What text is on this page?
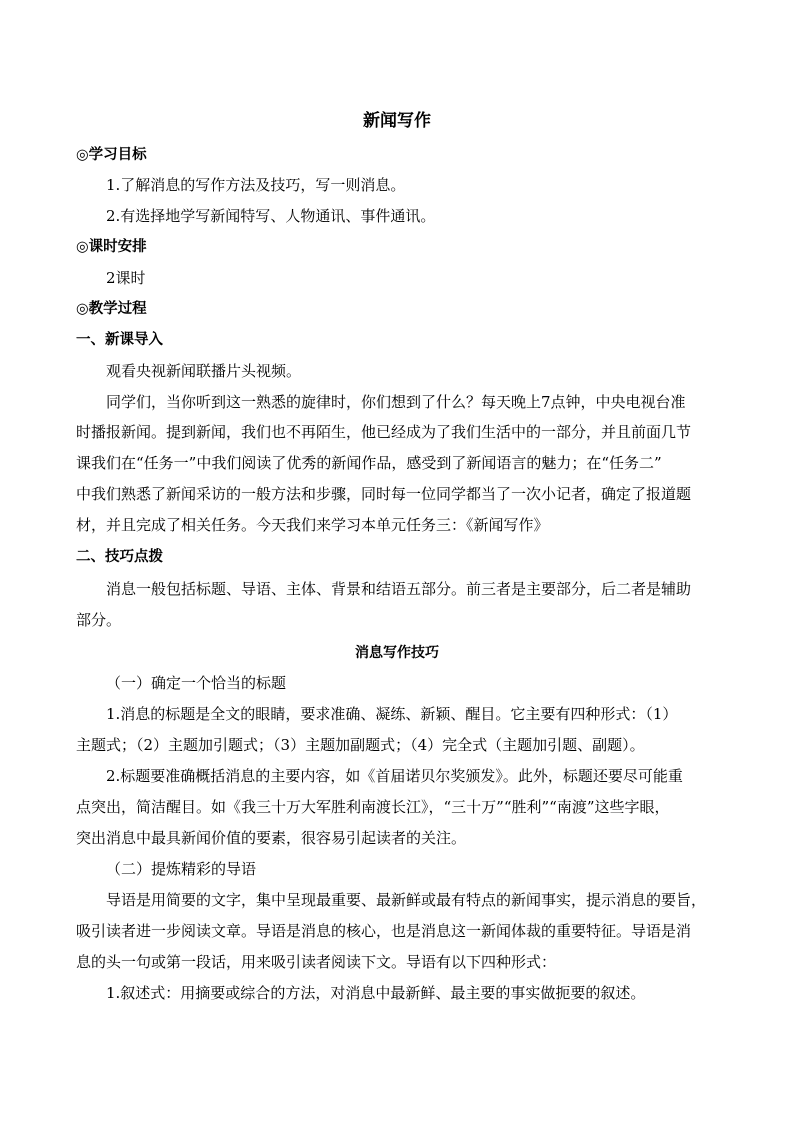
新闻写作
◎学习目标
1.了解消息的写作方法及技巧，写一则消息。
2.有选择地学写新闻特写、人物通讯、事件通讯。
◎课时安排
2课时
◎教学过程
一、新课导入
观看央视新闻联播片头视频。
同学们，当你听到这一熟悉的旋律时，你们想到了什么？每天晚上7点钟，中央电视台准
时播报新闻。提到新闻，我们也不再陌生，他已经成为了我们生活中的一部分，并且前面几节
课我们在“任务一”中我们阅读了优秀的新闻作品，感受到了新闻语言的魅力；在“任务二”
中我们熟悉了新闻采访的一般方法和步骤，同时每一位同学都当了一次小记者，确定了报道题
材，并且完成了相关任务。今天我们来学习本单元任务三：《新闻写作》
二、技巧点拨
消息一般包括标题、导语、主体、背景和结语五部分。前三者是主要部分，后二者是辅助
部分。
消息写作技巧
（一）确定一个恰当的标题
1.消息的标题是全文的眼睛，要求准确、凝练、新颖、醒目。它主要有四种形式：（1）
主题式；（2）主题加引题式；（3）主题加副题式；（4）完全式（主题加引题、副题）。
2.标题要准确概括消息的主要内容，如《首届诺贝尔奖颁发》。此外，标题还要尽可能重
点突出，简洁醒目。如《我三十万大军胜利南渡长江》，“三十万”“胜利”“南渡”这些字眼，
突出消息中最具新闻价值的要素，很容易引起读者的关注。
（二）提炼精彩的导语
导语是用简要的文字，集中呈现最重要、最新鲜或最有特点的新闻事实，提示消息的要旨，
吸引读者进一步阅读文章。导语是消息的核心，也是消息这一新闻体裁的重要特征。导语是消
息的头一句或第一段话，用来吸引读者阅读下文。导语有以下四种形式：
1.叙述式：用摘要或综合的方法，对消息中最新鲜、最主要的事实做扼要的叙述。
